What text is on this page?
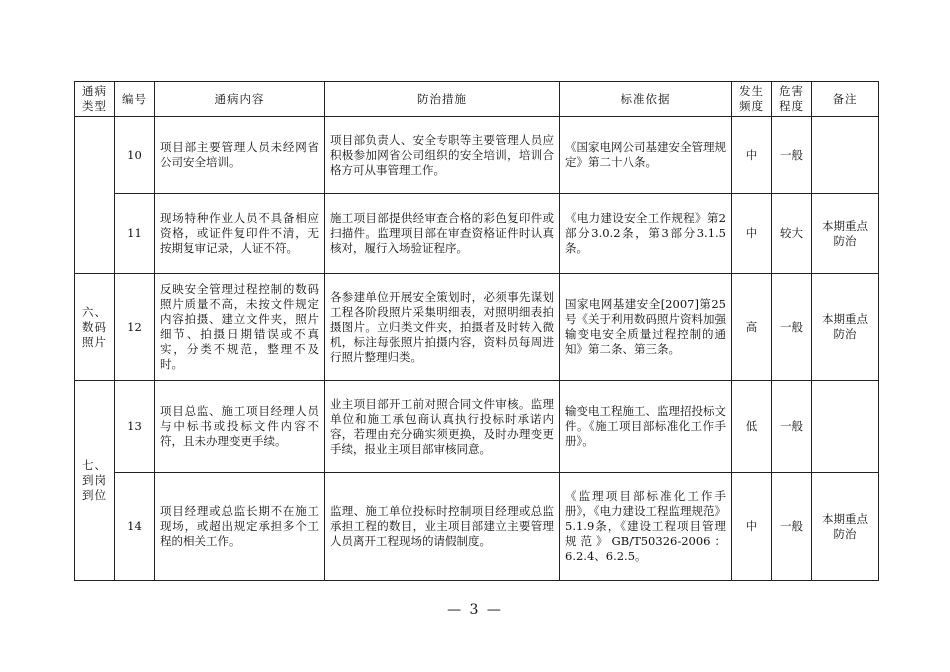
通病类型	编号	通病内容	防治措施	标准依据	发生频度	危害程度	备注
	10	项目部主要管理人员未经网省公司安全培训。	项目部负责人、安全专职等主要管理人员应积极参加网省公司组织的安全培训，培训合格方可从事管理工作。	《国家电网公司基建安全管理规定》第二十八条。	中	一般	
	11	现场特种作业人员不具备相应资格，或证件复印件不清，无按期复审记录，人证不符。	施工项目部提供经审查合格的彩色复印件或扫描件。监理项目部在审查资格证件时认真核对，履行入场验证程序。	《电力建设安全工作规程》第2部分3.0.2条，第3部分3.1.5条。	中	较大	本期重点防治
六、数码照片	12	反映安全管理过程控制的数码照片质量不高，未按文件规定内容拍摄、建立文件夹，照片细节、拍摄日期错误或不真实，分类不规范，整理不及时。	各参建单位开展安全策划时，必须事先谋划工程各阶段照片采集明细表，对照明细表拍摄图片。立归类文件夹，拍摄者及时转入微机，标注每张照片拍摄内容，资料员每周进行照片整理归类。	国家电网基建安全[2007]第25号《关于利用数码照片资料加强输变电安全质量过程控制的通知》第二条、第三条。	高	一般	本期重点防治
七、到岗到位	13	项目总监、施工项目经理人员与中标书或投标文件内容不符，且未办理变更手续。	业主项目部开工前对照合同文件审核。监理单位和施工承包商认真执行投标时承诺内容，若理由充分确实须更换，及时办理变更手续，报业主项目部审核同意。	输变电工程施工、监理招投标文件。《施工项目部标准化工作手册》。	低	一般	
	14	项目经理或总监长期不在施工现场，或超出规定承担多个工程的相关工作。	监理、施工单位投标时控制项目经理或总监承担工程的数目，业主项目部建立主要管理人员离开工程现场的请假制度。	《监理项目部标准化工作手册》，《电力建设工程监理规范》5.1.9条，《建设工程项目管理规范》GB/T50326-2006：6.2.4、6.2.5。	中	一般	本期重点防治
— 3 —
